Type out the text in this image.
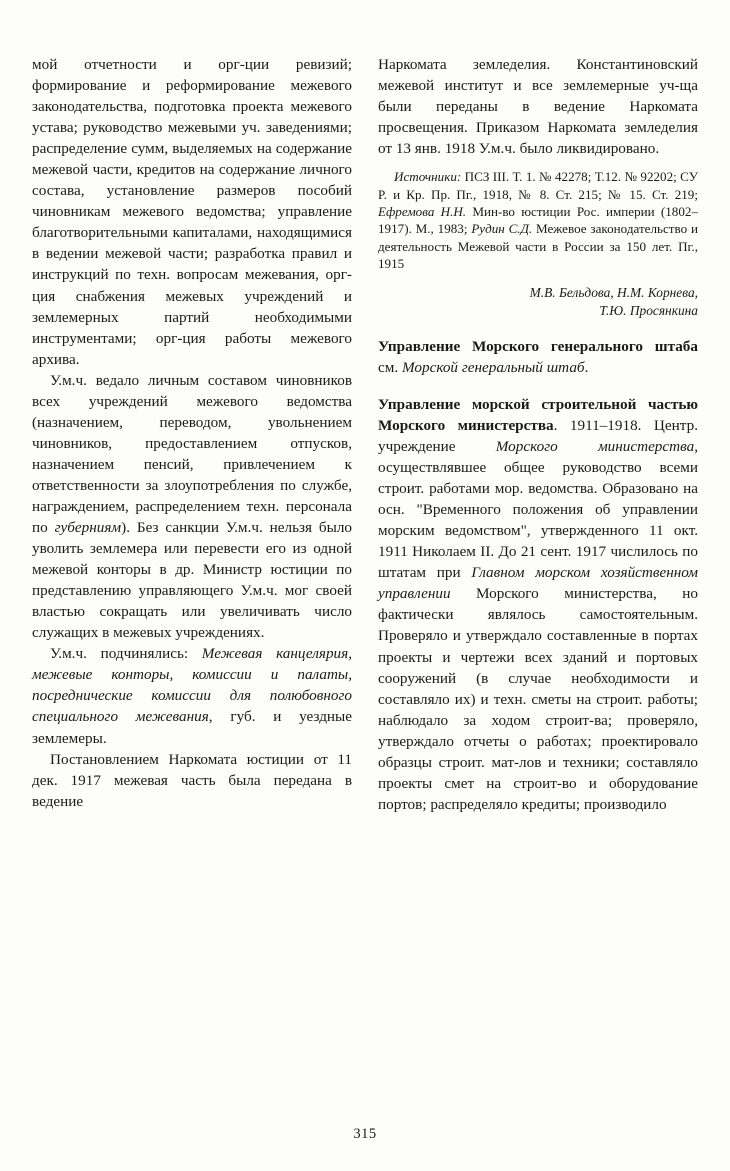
мой отчетности и орг-ции ревизий; формирование и реформирование межевого законодательства, подготовка проекта межевого устава; руководство межевыми уч. заведениями; распределение сумм, выделяемых на содержание межевой части, кредитов на содержание личного состава, установление размеров пособий чиновникам межевого ведомства; управление благотворительными капиталами, находящимися в ведении межевой части; разработка правил и инструкций по техн. вопросам межевания, орг-ция снабжения межевых учреждений и землемерных партий необходимыми инструментами; орг-ция работы межевого архива.

У.м.ч. ведало личным составом чиновников всех учреждений межевого ведомства (назначением, переводом, увольнением чиновников, предоставлением отпусков, назначением пенсий, привлечением к ответственности за злоупотребления по службе, награждением, распределением техн. персонала по губерниям). Без санкции У.м.ч. нельзя было уволить землемера или перевести его из одной межевой конторы в др. Министр юстиции по представлению управляющего У.м.ч. мог своей властью сокращать или увеличивать число служащих в межевых учреждениях.

У.м.ч. подчинялись: Межевая канцелярия, межевые конторы, комиссии и палаты, посреднические комиссии для полюбовного специального межевания, губ. и уездные землемеры.

Постановлением Наркомата юстиции от 11 дек. 1917 межевая часть была передана в ведение

Наркомата земледелия. Константиновский межевой институт и все землемерные уч-ща были переданы в ведение Наркомата просвещения. Приказом Наркомата земледелия от 13 янв. 1918 У.м.ч. было ликвидировано.

Источники: ПСЗ III. Т. 1. № 42278; Т.12. № 92202; СУ Р. и Кр. Пр. Пг., 1918, № 8. Ст. 215; № 15. Ст. 219; Ефремова Н.Н. Мин-во юстиции Рос. империи (1802–1917). М., 1983; Рудин С.Д. Межевое законодательство и деятельность Межевой части в России за 150 лет. Пг., 1915

М.В. Бельдова, Н.М. Корнева,
Т.Ю. Просянкина

Управление Морского генерального штаба см. Морской генеральный штаб.

Управление морской строительной частью Морского министерства. 1911–1918. Центр. учреждение Морского министерства, осуществлявшее общее руководство всеми строит. работами мор. ведомства. Образовано на осн. "Временного положения об управлении морским ведомством", утвержденного 11 окт. 1911 Николаем II. До 21 сент. 1917 числилось по штатам при Главном морском хозяйственном управлении Морского министерства, но фактически являлось самостоятельным. Проверяло и утверждало составленные в портах проекты и чертежи всех зданий и портовых сооружений (в случае необходимости и составляло их) и техн. сметы на строит. работы; наблюдало за ходом строит-ва; проверяло, утверждало отчеты о работах; проектировало образцы строит. мат-лов и техники; составляло проекты смет на строит-во и оборудование портов; распределяло кредиты; производило

315
